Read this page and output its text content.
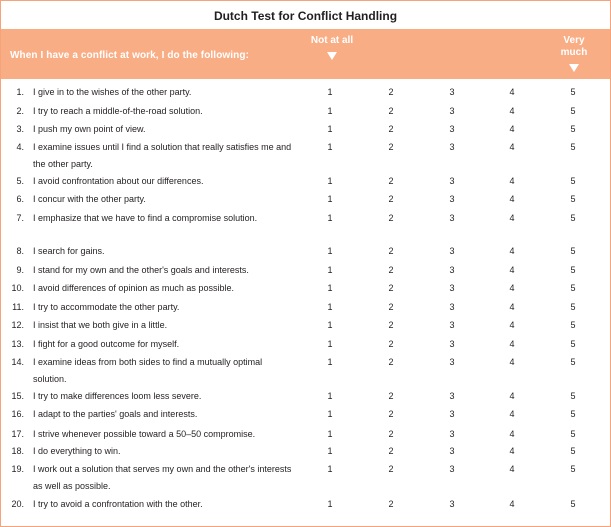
Dutch Test for Conflict Handling
When I have a conflict at work, I do the following:
Not at all	Very much
1. I give in to the wishes of the other party.	1	2	3	4	5
2. I try to reach a middle-of-the-road solution.	1	2	3	4	5
3. I push my own point of view.	1	2	3	4	5
4. I examine issues until I find a solution that really satisfies me and the other party.
1	2	3	4	5
5. I avoid confrontation about our differences.	1	2	3	4	5
6. I concur with the other party.	1	2	3	4	5
7. I emphasize that we have to find a compromise solution.	1	2	3	4	5
8. I search for gains.	1	2	3	4	5
9. I stand for my own and the other's goals and interests.	1	2	3	4	5
10. I avoid differences of opinion as much as possible.	1	2	3	4	5
11. I try to accommodate the other party.	1	2	3	4	5
12. I insist that we both give in a little.	1	2	3	4	5
13. I fight for a good outcome for myself.	1	2	3	4	5
14. I examine ideas from both sides to find a mutually optimal solution.
1	2	3	4	5
15. I try to make differences loom less severe.	1	2	3	4	5
16. I adapt to the parties' goals and interests.	1	2	3	4	5
17. I strive whenever possible toward a 50–50 compromise.	1	2	3	4	5
18. I do everything to win.	1	2	3	4	5
19. I work out a solution that serves my own and the other's interests as well as possible.
1	2	3	4	5
20. I try to avoid a confrontation with the other.	1	2	3	4	5
